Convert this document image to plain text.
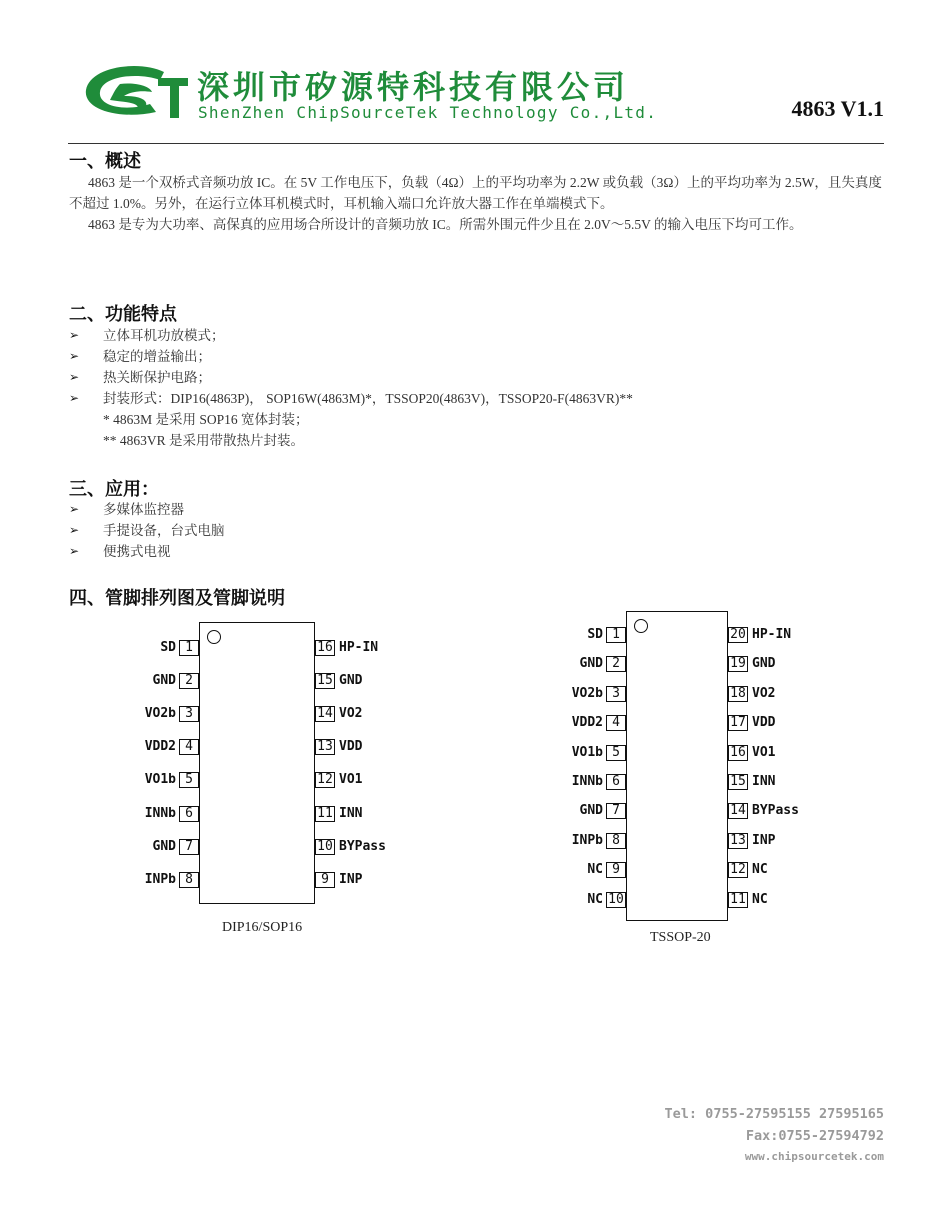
深圳市矽源特科技有限公司
ShenZhen ChipSourceTek Technology Co.,Ltd.	4863 V1.1
一、概述

4863 是一个双桥式音频功放 IC。在 5V 工作电压下，负载（4Ω）上的平均功率为 2.2W 或负载（3Ω）上的平均功率为 2.5W，且失真度不超过 1.0%。另外，在运行立体耳机模式时，耳机输入端口允许放大器工作在单端模式下。

4863 是专为大功率、高保真的应用场合所设计的音频功放 IC。所需外围元件少且在 2.0V～5.5V 的输入电压下均可工作。

二、功能特点
➢ 立体耳机功放模式；
➢ 稳定的增益输出；
➢ 热关断保护电路；
➢ 封装形式：DIP16(4863P)， SOP16W(4863M)*，TSSOP20(4863V)，TSSOP20-F(4863VR)**
* 4863M 是采用 SOP16 宽体封装；
** 4863VR 是采用带散热片封装。
三、应用：
➢ 多媒体监控器
➢ 手提设备，台式电脑
➢ 便携式电视
四、管脚排列图及管脚说明
SD 1
GND 2
VO2b 3
VDD2 4
VO1b 5
INNb 6
GND 7
INPb 8
16 HP-IN
15 GND
14 VO2
13 VDD
12 VO1
11 INN
10 BYPass
9 INP
DIP16/SOP16
SD 1
GND 2
VO2b 3
VDD2 4
VO1b 5
INNb 6
GND 7
INPb 8
NC 9
NC 10
20 HP-IN
19 GND
18 VO2
17 VDD
16 VO1
15 INN
14 BYPass
13 INP
12 NC
11 NC
TSSOP-20
Tel: 0755-27595155 27595165
Fax:0755-27594792
www.chipsourcetek.com
